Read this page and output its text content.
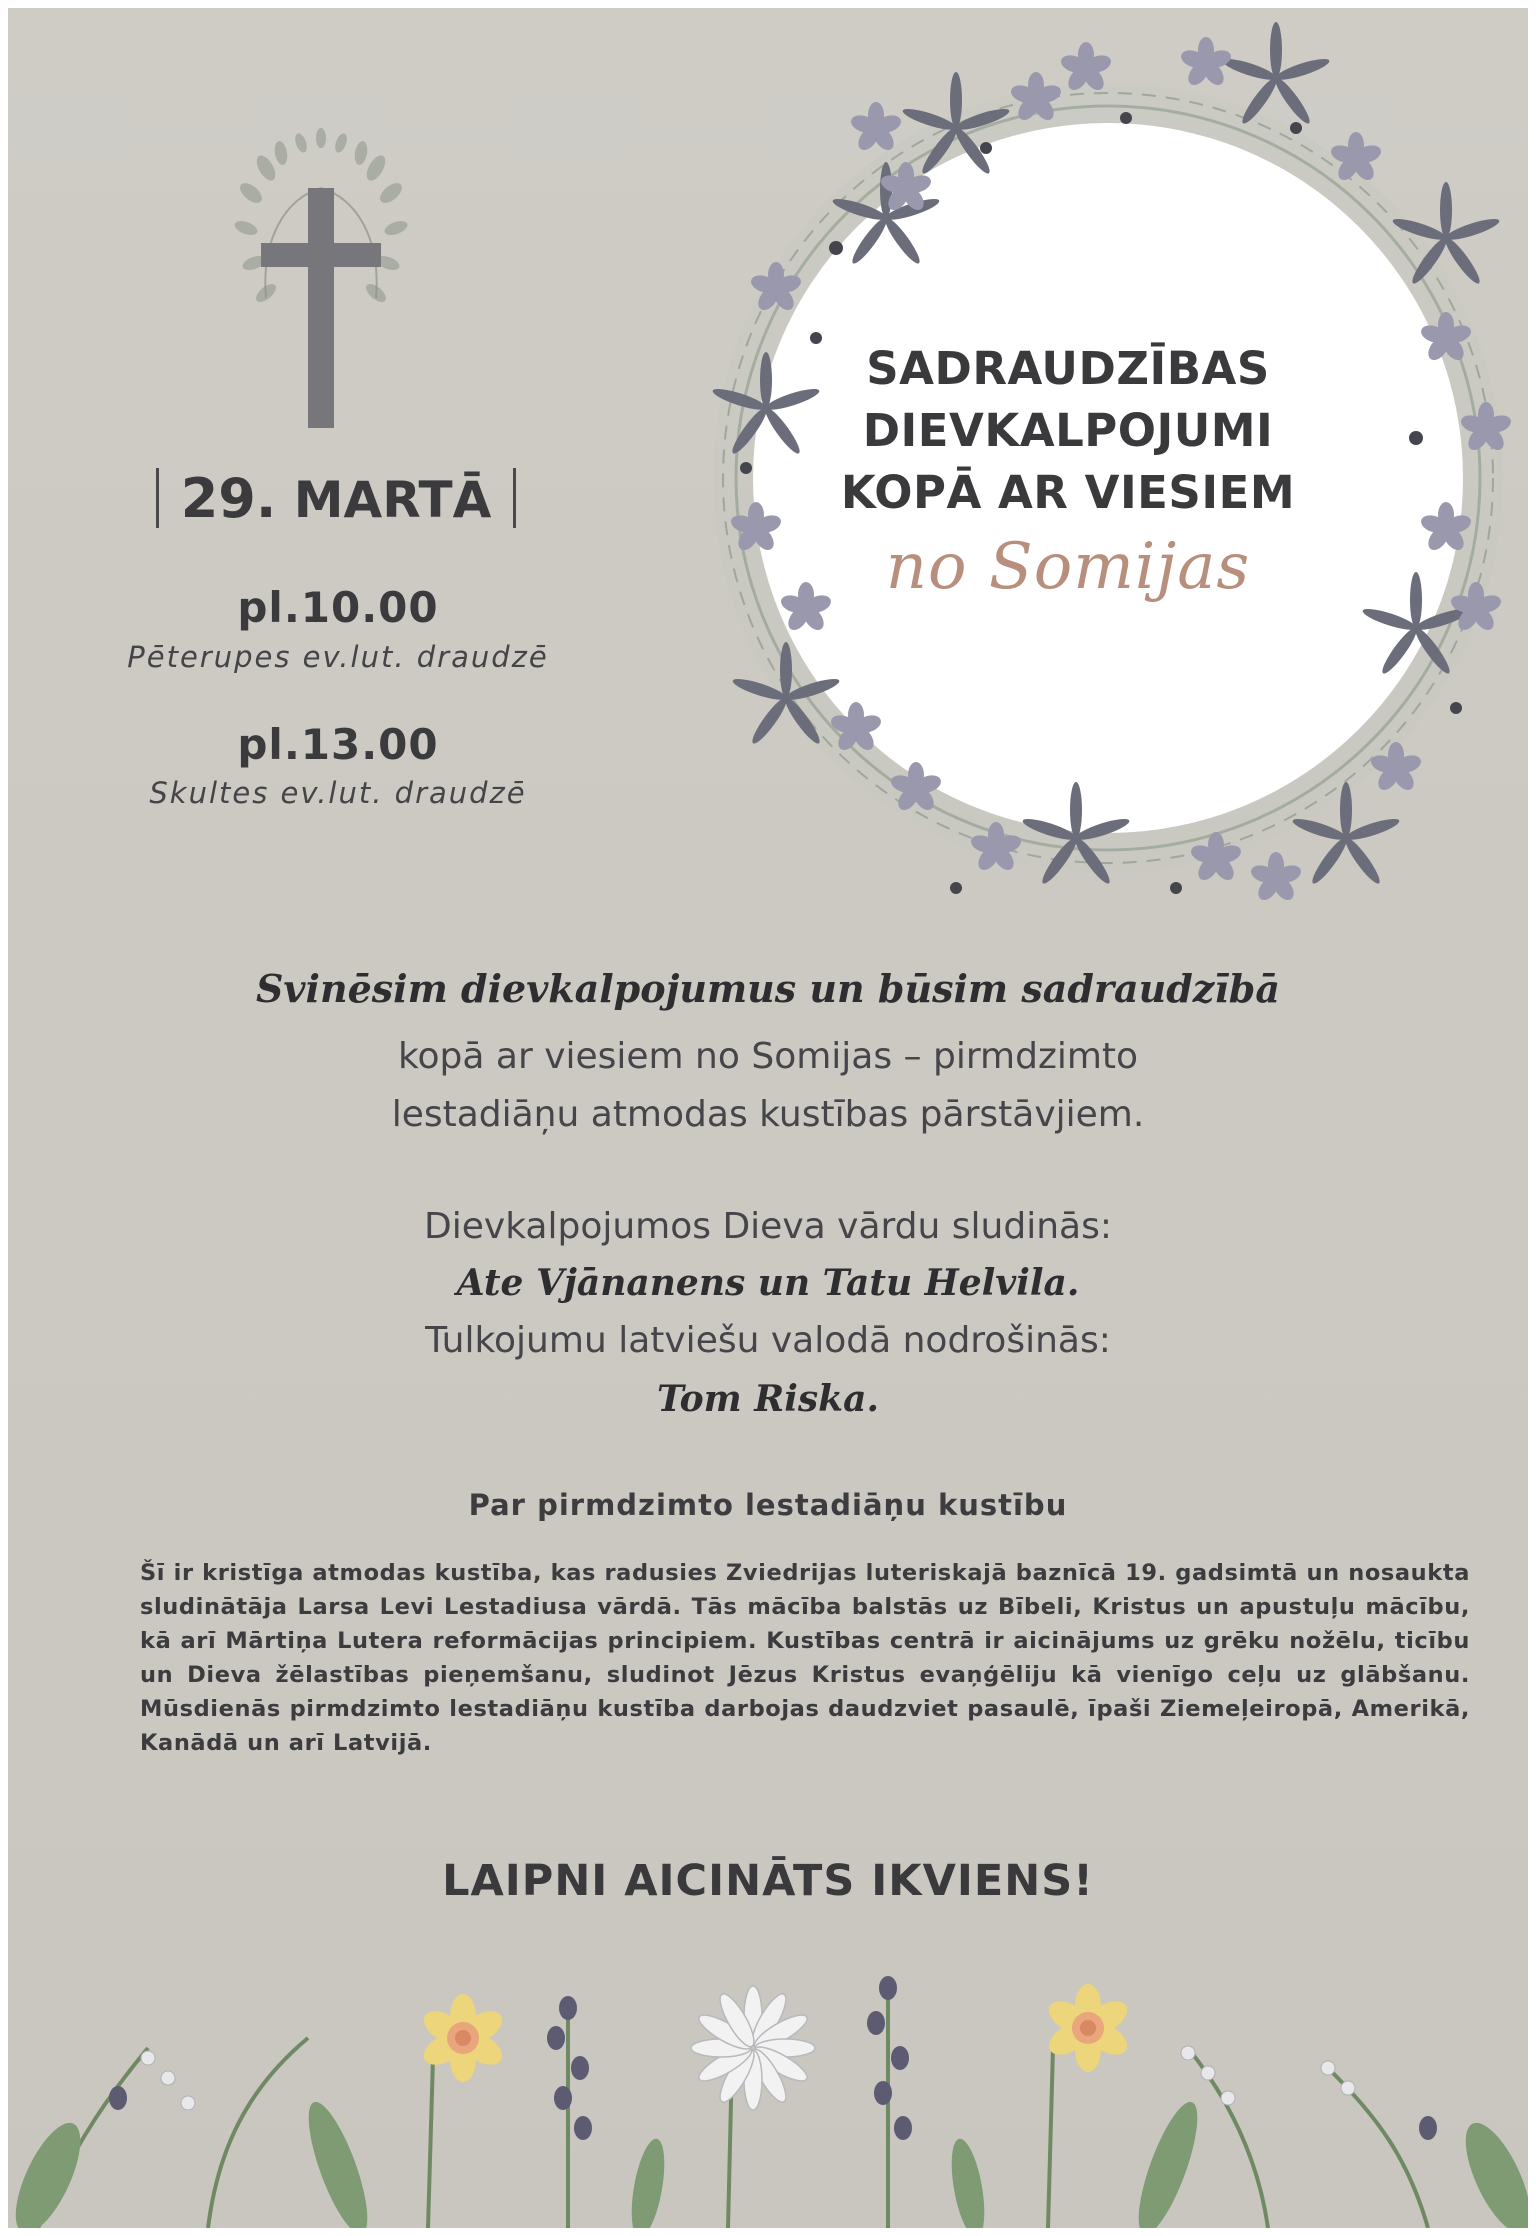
29. MARTĀ
pl.10.00
Pēterupes ev.lut. draudzē
pl.13.00
Skultes ev.lut. draudzē
SADRAUDZĪBAS
DIEVKALPOJUMI
KOPĀ AR VIESIEM
no Somijas
Svinēsim dievkalpojumus un būsim sadraudzībā
kopā ar viesiem no Somijas – pirmdzimto
lestadiāņu atmodas kustības pārstāvjiem.
Dievkalpojumos Dieva vārdu sludinās:
Ate Vjānanens un Tatu Helvila.
Tulkojumu latviešu valodā nodrošinās:
Tom Riska.
Par pirmdzimto lestadiāņu kustību
Šī ir kristīga atmodas kustība, kas radusies Zviedrijas luteriskajā baznīcā 19. gadsimtā un nosaukta sludinātāja Larsa Levi Lestadiusa vārdā. Tās mācība balstās uz Bībeli, Kristus un apustuļu mācību, kā arī Mārtiņa Lutera reformācijas principiem. Kustības centrā ir aicinājums uz grēku nožēlu, ticību un Dieva žēlastības pieņemšanu, sludinot Jēzus Kristus evaņģēliju kā vienīgo ceļu uz glābšanu. Mūsdienās pirmdzimto lestadiāņu kustība darbojas daudzviet pasaulē, īpaši Ziemeļeiropā, Amerikā, Kanādā un arī Latvijā.
LAIPNI AICINĀTS IKVIENS!
